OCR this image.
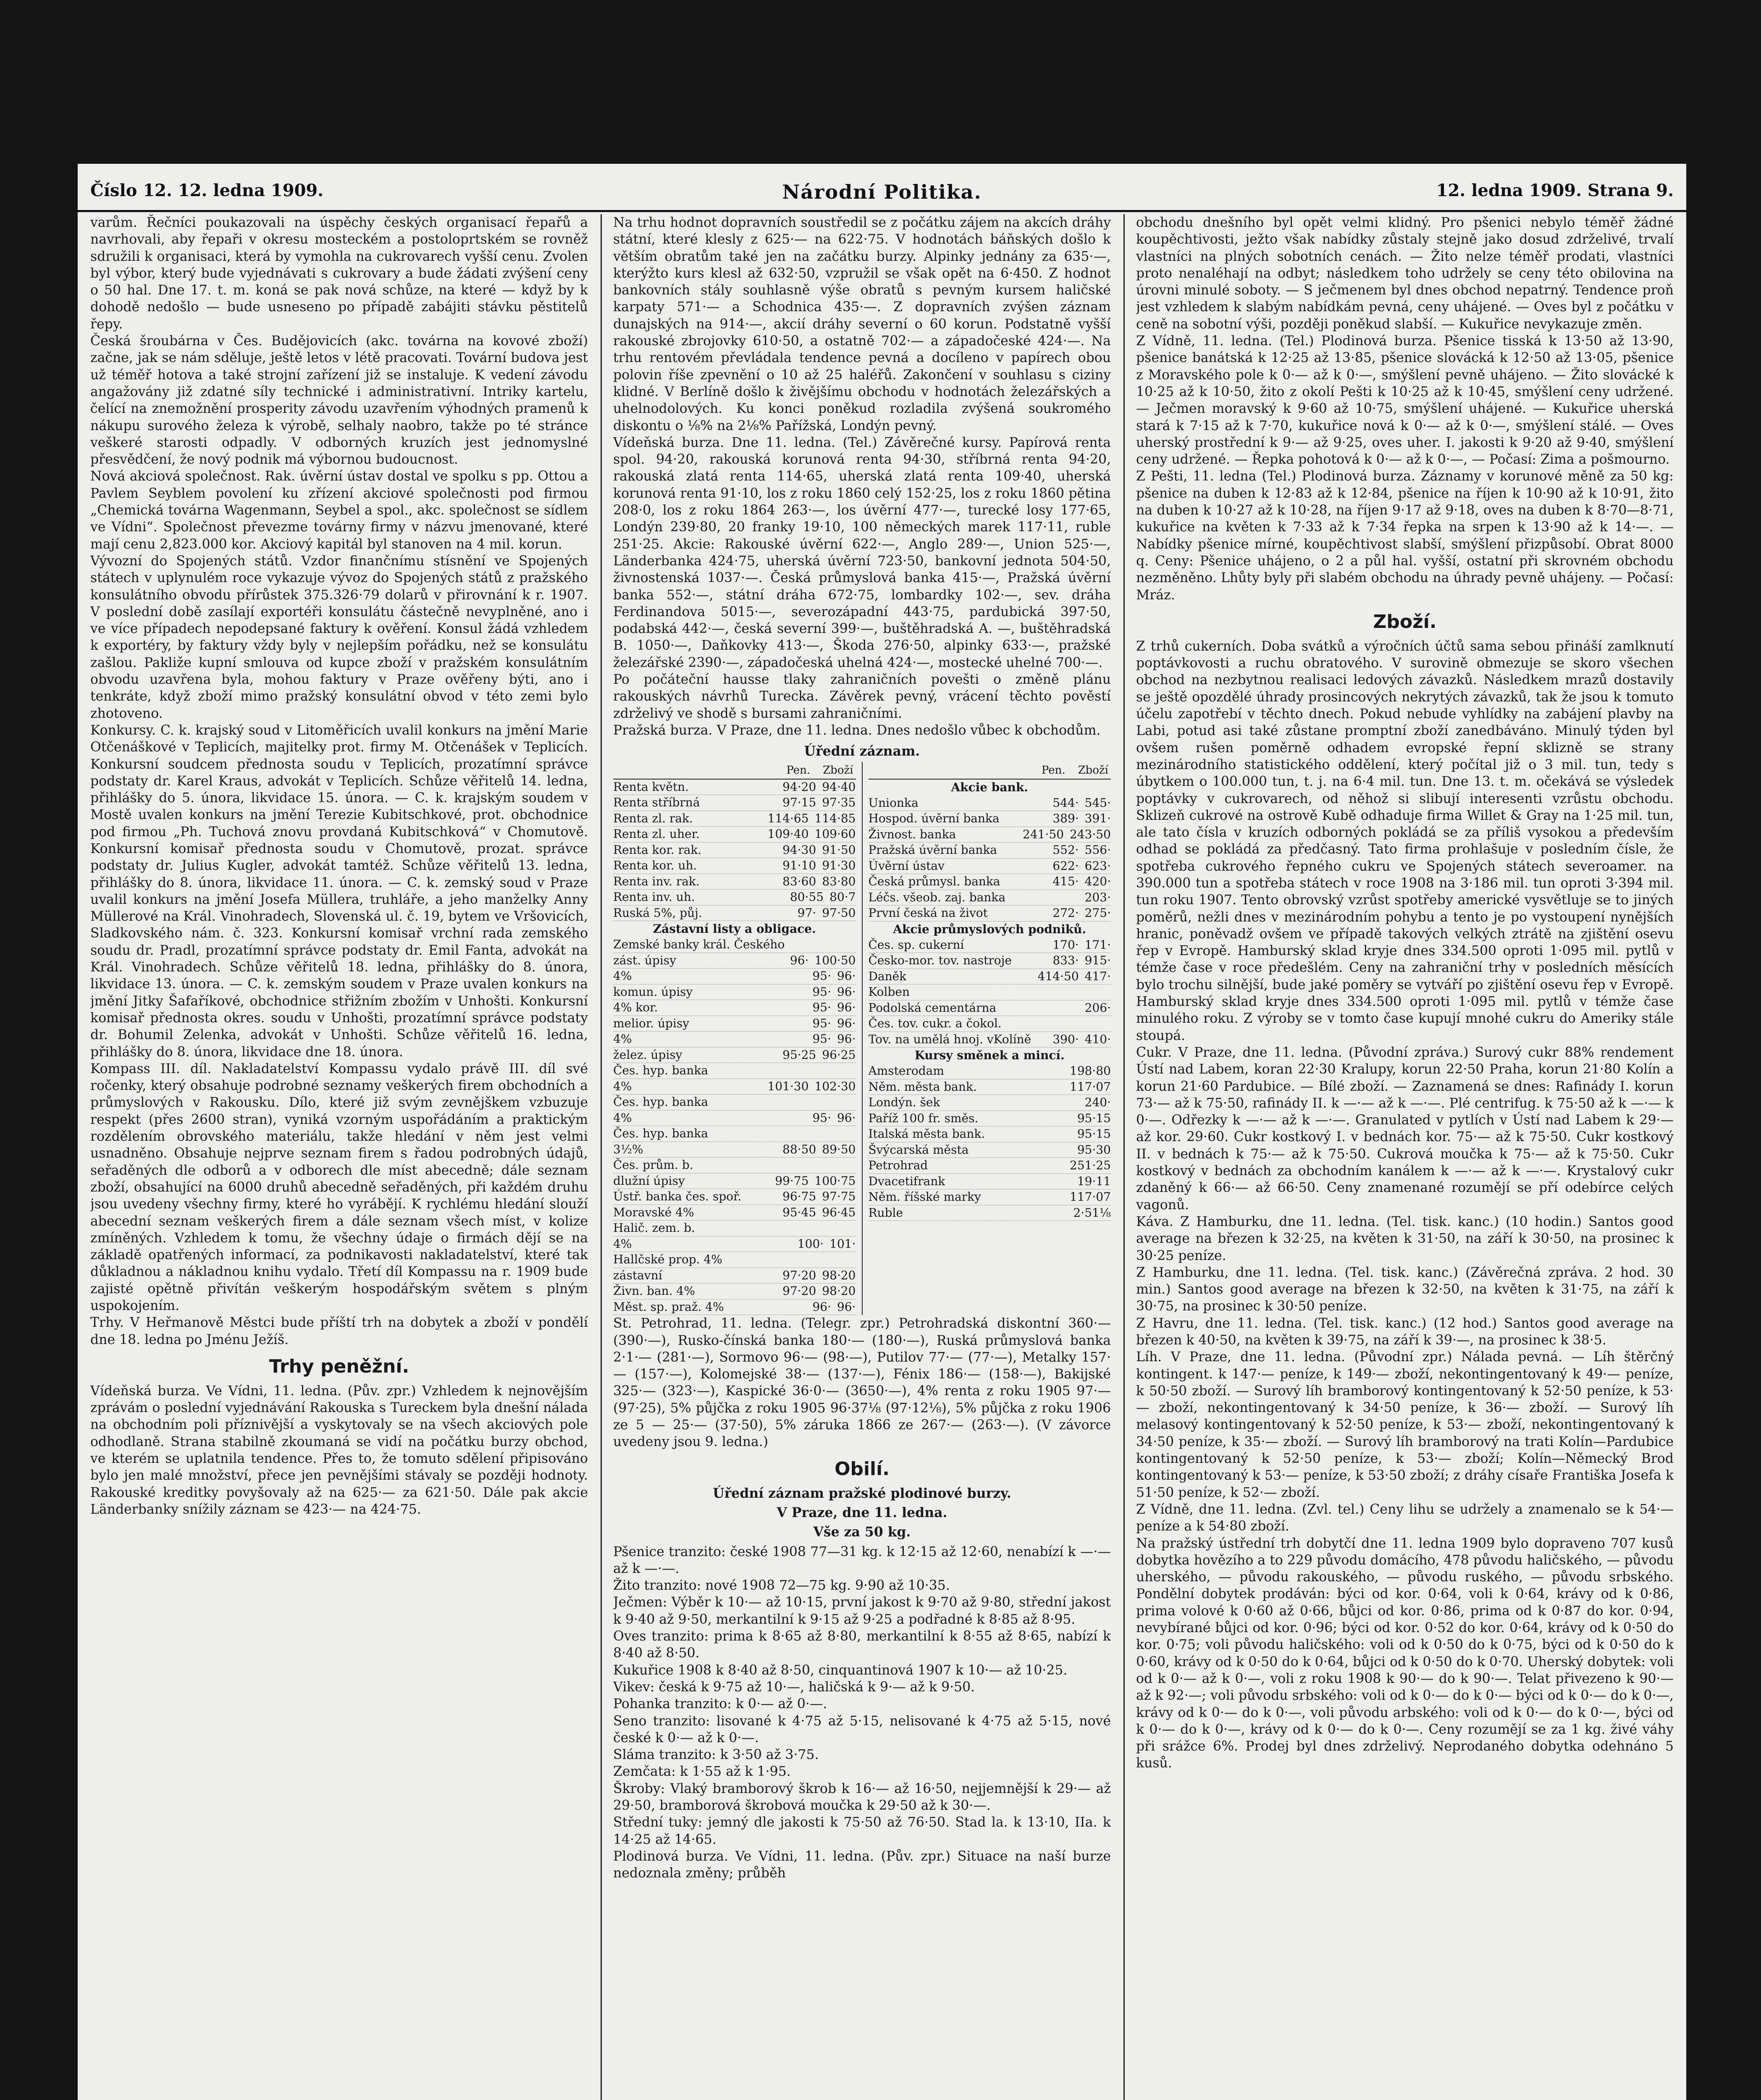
Číslo 12. 12. ledna 1909.	Národní Politika.	12. ledna 1909. Strana 9.

varům. Řečníci poukazovali na úspěchy českých organisací řepařů a navrhovali, aby řepaři v okresu mosteckém a postoloprtském se rovněž sdružili k organisaci, která by vymohla na cukrovarech vyšší cenu. Zvolen byl výbor, který bude vyjednávati s cukrovary a bude žádati zvýšení ceny o 50 hal. Dne 17. t. m. koná se pak nová schůze, na které — když by k dohodě nedošlo — bude usneseno po případě zabájiti stávku pěstitelů řepy.

Česká šroubárna v Čes. Budějovicích (akc. továrna na kovové zboží) začne, jak se nám sděluje, ještě letos v létě pracovati. Tovární budova jest už téměř hotova a také strojní zařízení již se instaluje. K vedení závodu angažovány již zdatné síly technické i administrativní. Intriky kartelu, čelící na znemožnění prosperity závodu uzavřením výhodných pramenů k nákupu surového železa k výrobě, selhaly naobro, takže po té stránce veškeré starosti odpadly. V odborných kruzích jest jednomyslné přesvědčení, že nový podnik má výbornou budoucnost.

Nová akciová společnost. Rak. úvěrní ústav dostal ve spolku s pp. Ottou a Pavlem Seyblem povolení ku zřízení akciové společnosti pod firmou „Chemická továrna Wagenmann, Seybel a spol., akc. společnost se sídlem ve Vídni“. Společnost převezme továrny firmy v názvu jmenované, které mají cenu 2,823.000 kor. Akciový kapitál byl stanoven na 4 mil. korun.

Vývozní do Spojených států. Vzdor finančnímu stísnění ve Spojených státech v uplynulém roce vykazuje vývoz do Spojených států z pražského konsulátního obvodu přírůstek 375.326·79 dolarů v přirovnání k r. 1907. V poslední době zasílají exportéři konsulátu částečně nevyplněné, ano i ve více případech nepodepsané faktury k ověření. Konsul žádá vzhledem k exportéry, by faktury vždy byly v nejlepším pořádku, než se konsulátu zašlou. Pakliže kupní smlouva od kupce zboží v pražském konsulátním obvodu uzavřena byla, mohou faktury v Praze ověřeny býti, ano i tenkráte, když zboží mimo pražský konsulátní obvod v této zemi bylo zhotoveno.

Konkursy. C. k. krajský soud v Litoměřicích uvalil konkurs na jmění Marie Otčenáškové v Teplicích, majitelky prot. firmy M. Otčenášek v Teplicích. Konkursní soudcem přednosta soudu v Teplicích, prozatímní správce podstaty dr. Karel Kraus, advokát v Teplicích. Schůze věřitelů 14. ledna, přihlášky do 5. února, likvidace 15. února. — C. k. krajským soudem v Mostě uvalen konkurs na jmění Terezie Kubitschkové, prot. obchodnice pod firmou „Ph. Tuchová znovu provdaná Kubitschková“ v Chomutově. Konkursní komisař přednosta soudu v Chomutově, prozat. správce podstaty dr. Julius Kugler, advokát tamtéž. Schůze věřitelů 13. ledna, přihlášky do 8. února, likvidace 11. února. — C. k. zemský soud v Praze uvalil konkurs na jmění Josefa Müllera, truhláře, a jeho manželky Anny Müllerové na Král. Vinohradech, Slovenská ul. č. 19, bytem ve Vršovicích, Sladkovského nám. č. 323. Konkursní komisař vrchní rada zemského soudu dr. Pradl, prozatímní správce podstaty dr. Emil Fanta, advokát na Král. Vinohradech. Schůze věřitelů 18. ledna, přihlášky do 8. února, likvidace 13. února. — C. k. zemským soudem v Praze uvalen konkurs na jmění Jitky Šafaříkové, obchodnice střižním zbožím v Unhošti. Konkursní komisař přednosta okres. soudu v Unhošti, prozatímní správce podstaty dr. Bohumil Zelenka, advokát v Unhošti. Schůze věřitelů 16. ledna, přihlášky do 8. února, likvidace dne 18. února.

Kompass III. díl. Nakladatelství Kompassu vydalo právě III. díl své ročenky, který obsahuje podrobné seznamy veškerých firem obchodních a průmyslových v Rakousku. Dílo, které již svým zevnějškem vzbuzuje respekt (přes 2600 stran), vyniká vzorným uspořádáním a praktickým rozdělením obrovského materiálu, takže hledání v něm jest velmi usnadněno. Obsahuje nejprve seznam firem s řadou podrobných údajů, seřaděných dle odborů a v odborech dle míst abecedně; dále seznam zboží, obsahující na 6000 druhů abecedně seřaděných, při každém druhu jsou uvedeny všechny firmy, které ho vyrábějí. K rychlému hledání slouží abecední seznam veškerých firem a dále seznam všech míst, v kolize zmíněných. Vzhledem k tomu, že všechny údaje o firmách dějí se na základě opatřených informací, za podnikavosti nakladatelství, které tak důkladnou a nákladnou knihu vydalo. Třetí díl Kompassu na r. 1909 bude zajisté opětně přivítán veškerým hospodářským světem s plným uspokojením.

Trhy. V Heřmanově Městci bude příští trh na dobytek a zboží v pondělí dne 18. ledna po Jménu Ježíš.

Trhy peněžní.

Vídeňská burza. Ve Vídni, 11. ledna. (Pův. zpr.) Vzhledem k nejnovějším zprávám o poslední vyjednávání Rakouska s Tureckem byla dnešní nálada na obchodním poli příznivější a vyskytovaly se na všech akciových pole odhodlaně. Strana stabilně zkoumaná se vidí na počátku burzy obchod, ve kterém se uplatnila tendence. Přes to, že tomuto sdělení připisováno bylo jen malé množství, přece jen pevnějšími stávaly se později hodnoty. Rakouské kreditky povyšovaly až na 625·— za 621·50. Dále pak akcie Länderbanky snížily záznam se 423·— na 424·75.

Na trhu hodnot dopravních soustředil se z počátku zájem na akcích dráhy státní, které klesly z 625·— na 622·75. V hodnotách báňských došlo k větším obratům také jen na začátku burzy. Alpinky jednány za 635·—, kterýžto kurs klesl až 632·50, vzpružil se však opět na 6·450. Z hodnot bankovních stály souhlasně výše obratů s pevným kursem haličské karpaty 571·— a Schodnica 435·—. Z dopravních zvýšen záznam dunajských na 914·—, akcií dráhy severní o 60 korun. Podstatně vyšší rakouské zbrojovky 610·50, a ostatně 702·— a západočeské 424·—. Na trhu rentovém převládala tendence pevná a docíleno v papírech obou polovin říše zpevnění o 10 až 25 haléřů. Zakončení v souhlasu s ciziny klidné. V Berlíně došlo k živějšímu obchodu v hodnotách železářských a uhelnodolových. Ku konci poněkud rozladila zvýšená soukromého diskontu o ⅛% na 2⅛% Pařížská, Londýn pevný.

Vídeňská burza. Dne 11. ledna. (Tel.) Závěrečné kursy. Papírová renta spol. 94·20, rakouská korunová renta 94·30, stříbrná renta 94·20, rakouská zlatá renta 114·65, uherská zlatá renta 109·40, uherská korunová renta 91·10, los z roku 1860 celý 152·25, los z roku 1860 pětina 208·0, los z roku 1864 263·—, los úvěrní 477·—, turecké losy 177·65, Londýn 239·80, 20 franky 19·10, 100 německých marek 117·11, ruble 251·25. Akcie: Rakouské úvěrní 622·—, Anglo 289·—, Union 525·—, Länderbanka 424·75, uherská úvěrní 723·50, bankovní jednota 504·50, živnostenská 1037·—. Česká průmyslová banka 415·—, Pražská úvěrní banka 552·—, státní dráha 672·75, lombardky 102·—, sev. dráha Ferdinandova 5015·—, severozápadní 443·75, pardubická 397·50, podabská 442·—, česká severní 399·—, buštěhradská A. —, buštěhradská B. 1050·—, Daňkovky 413·—, Škoda 276·50, alpinky 633·—, pražské železářské 2390·—, západočeská uhelná 424·—, mostecké uhelné 700·—.

Po počáteční hausse tlaky zahraničních povešti o změně plánu rakouských návrhů Turecka. Závěrek pevný, vrácení těchto pověstí zdrželivý ve shodě s bursami zahraničními.

Pražská burza. V Praze, dne 11. ledna. Dnes nedošlo vůbec k obchodům.

Úřední záznam.
Pen. Zboží
Renta květn.	94·20 94·40
Renta stříbrná	97·15 97·35
Renta zl. rak.	114·65 114·85
Renta zl. uher.	109·40 109·60
Renta kor. rak.	94·30 91·50
Renta kor. uh.	91·10 91·30
Renta inv. rak.	83·60 83·80
Renta inv. uh.	80·55 80·7
Ruská 5%, půj.	97· 97·50
Zástavní listy a obligace.
Zemské banky král. Českého
zást. úpisy	96· 100·50
4%	95· 96·
komun. úpisy	95· 96·
4% kor.	95· 96·
melior. úpisy	95· 96·
4%	95· 96·
želez. úpisy	95·25 96·25
Čes. hyp. banka
4%	101·30 102·30
Čes. hyp. banka
4%	95· 96·
Čes. hyp. banka
3½%	88·50 89·50
Čes. prům. b.
dlužní úpisy	99·75 100·75
Ústř. banka čes. spoř.	96·75 97·75
Moravské 4%	95·45 96·45
Halič. zem. b.
4%	100· 101·
Hallčské prop. 4%
zástavní	97·20 98·20
Živn. ban. 4%	97·20 98·20
Měst. sp. praž. 4%	96· 96·
Pen. Zboží
Akcie bank.
Unionka	544· 545·
Hospod. úvěrní banka	389· 391·
Živnost. banka	241·50 243·50
Pražská úvěrní banka	552· 556·
Úvěrní ústav	622· 623·
Česká průmysl. banka	415· 420·
Léčs. všeob. zaj. banka	203·
První česká na život	272· 275·
Akcie průmyslových podniků.
Čes. sp. cukerní	170· 171·
Česko-mor. tov. nastroje	833· 915·
Daněk	414·50 417·
Kolben
Podolská cementárna	206·
Čes. tov. cukr. a čokol.
Tov. na umělá hnoj. vKolíně 390· 410·
Kursy směnek a mincí.
Amsterodam	198·80
Něm. města bank.	117·07
Londýn. šek	240·
Paříž 100 fr. směs.	95·15
Italská města bank.	95·15
Švýcarská města	95·30
Petrohrad	251·25
Dvacetifrank	19·11
Něm. říšské marky	117·07
Ruble	2·51⅛

St. Petrohrad, 11. ledna. (Telegr. zpr.) Petrohradská diskontní 360·— (390·—), Rusko-čínská banka 180·— (180·—), Ruská průmyslová banka 2·1·— (281·—), Sormovo 96·— (98·—), Putilov 77·— (77·—), Metalky 157·— (157·—), Kolomejské 38·— (137·—), Fénix 186·— (158·—), Bakijské 325·— (323·—), Kaspické 36·0·— (3650·—), 4% renta z roku 1905 97·— (97·25), 5% půjčka z roku 1905 96·37⅛ (97·12⅛), 5% půjčka z roku 1906 ze 5 — 25·— (37·50), 5% záruka 1866 ze 267·— (263·—). (V závorce uvedeny jsou 9. ledna.)

Obilí.
Úřední záznam pražské plodinové burzy.
V Praze, dne 11. ledna.
Vše za 50 kg.

Pšenice tranzito: české 1908 77—31 kg. k 12·15 až 12·60, nenabízí k —·— až k —·—.

Žito tranzito: nové 1908 72—75 kg. 9·90 až 10·35.

Ječmen: Výběr k 10·— až 10·15, první jakost k 9·70 až 9·80, střední jakost k 9·40 až 9·50, merkantilní k 9·15 až 9·25 a podřadné k 8·85 až 8·95.

Oves tranzito: prima k 8·65 až 8·80, merkantilní k 8·55 až 8·65, nabízí k 8·40 až 8·50.

Kukuřice 1908 k 8·40 až 8·50, cinquantinová 1907 k 10·— až 10·25.

Vikev: česká k 9·75 až 10·—, haličská k 9·— až k 9·50.

Pohanka tranzito: k 0·— až 0·—.

Seno tranzito: lisované k 4·75 až 5·15, nelisované k 4·75 až 5·15, nové české k 0·— až k 0·—.

Sláma tranzito: k 3·50 až 3·75.

Zemčata: k 1·55 až k 1·95.

Škroby: Vlaký bramborový škrob k 16·— až 16·50, nejjemnější k 29·— až 29·50, bramborová škrobová moučka k 29·50 až k 30·—.

Střední tuky: jemný dle jakosti k 75·50 až 76·50. Stad la. k 13·10, IIa. k 14·25 až 14·65.

Plodinová burza. Ve Vídni, 11. ledna. (Pův. zpr.) Situace na naší burze nedoznala změny; průběh

obchodu dnešního byl opět velmi klidný. Pro pšenici nebylo téměř žádné koupěchtivosti, ježto však nabídky zůstaly stejně jako dosud zdrželivé, trvalí vlastníci na plných sobotních cenách. — Žito nelze téměř prodati, vlastníci proto nenaléhají na odbyt; následkem toho udržely se ceny této obilovina na úrovni minulé soboty. — S ječmenem byl dnes obchod nepatrný. Tendence proň jest vzhledem k slabým nabídkám pevná, ceny uhájené. — Oves byl z počátku v ceně na sobotní výši, později poněkud slabší. — Kukuřice nevykazuje změn.

Z Vídně, 11. ledna. (Tel.) Plodinová burza. Pšenice tisská k 13·50 až 13·90, pšenice banátská k 12·25 až 13·85, pšenice slovácká k 12·50 až 13·05, pšenice z Moravského pole k 0·— až k 0·—, smýšlení pevně uhájeno. — Žito slovácké k 10·25 až k 10·50, žito z okolí Pešti k 10·25 až k 10·45, smýšlení ceny udržené. — Ječmen moravský k 9·60 až 10·75, smýšlení uhájené. — Kukuřice uherská stará k 7·15 až k 7·70, kukuřice nová k 0·— až k 0·—, smýšlení stálé. — Oves uherský prostřední k 9·— až 9·25, oves uher. I. jakosti k 9·20 až 9·40, smýšlení ceny udržené. — Řepka pohotová k 0·— až k 0·—, — Počasí: Zima a pošmourno.

Z Pešti, 11. ledna (Tel.) Plodinová burza. Záznamy v korunové měně za 50 kg: pšenice na duben k 12·83 až k 12·84, pšenice na říjen k 10·90 až k 10·91, žito na duben k 10·27 až k 10·28, na říjen 9·17 až 9·18, oves na duben k 8·70—8·71, kukuřice na květen k 7·33 až k 7·34 řepka na srpen k 13·90 až k 14·—. — Nabídky pšenice mírné, koupěchtivost slabší, smýšlení přizpůsobí. Obrat 8000 q. Ceny: Pšenice uhájeno, o 2 a půl hal. vyšší, ostatní při skrovném obchodu nezměněno. Lhůty byly při slabém obchodu na úhrady pevně uhájeny. — Počasí: Mráz.

Zboží.

Z trhů cukerních. Doba svátků a výročních účtů sama sebou přináší zamlknutí poptávkovosti a ruchu obratového. V surovině obmezuje se skoro všechen obchod na nezbytnou realisaci ledových závazků. Následkem mrazů dostavily se ještě opozdělé úhrady prosincových nekrytých závazků, tak že jsou k tomuto účelu zapotřebí v těchto dnech. Pokud nebude vyhlídky na zabájení plavby na Labi, potud asi také zůstane promptní zboží zanedbáváno. Minulý týden byl ovšem rušen poměrně odhadem evropské řepní sklizně se strany mezinárodního statistického oddělení, který počítal již o 3 mil. tun, tedy s úbytkem o 100.000 tun, t. j. na 6·4 mil. tun. Dne 13. t. m. očekává se výsledek poptávky v cukrovarech, od něhož si slibují interesenti vzrůstu obchodu. Sklizeň cukrové na ostrově Kubě odhaduje firma Willet & Gray na 1·25 mil. tun, ale tato čísla v kruzích odborných pokládá se za příliš vysokou a především odhad se pokládá za předčasný. Tato firma prohlašuje v posledním čísle, že spotřeba cukrového řepného cukru ve Spojených státech severoamer. na 390.000 tun a spotřeba státech v roce 1908 na 3·186 mil. tun oproti 3·394 mil. tun roku 1907. Tento obrovský vzrůst spotřeby americké vysvětluje se to jiných poměrů, nežli dnes v mezinárodním pohybu a tento je po vystoupení nynějších hranic, poněvadž ovšem ve případě takových velkých ztrátě na zjištění osevu řep v Evropě. Hamburský sklad kryje dnes 334.500 oproti 1·095 mil. pytlů v témže čase v roce předešlém. Ceny na zahraniční trhy v posledních měsících bylo trochu silnější, bude jaké poměry se vytváří po zjištění osevu řep v Evropě. Hamburský sklad kryje dnes 334.500 oproti 1·095 mil. pytlů v témže čase minulého roku. Z výroby se v tomto čase kupují mnohé cukru do Ameriky stále stoupá.

Cukr. V Praze, dne 11. ledna. (Původní zpráva.) Surový cukr 88% rendement Ústí nad Labem, koran 22·30 Kralupy, korun 22·50 Praha, korun 21·80 Kolín a korun 21·60 Pardubice. — Bílé zboží. — Zaznamená se dnes: Rafinády I. korun 73·— až k 75·50, rafinády II. k —·— až k —·—. Plé centrifug. k 75·50 až k —·— k 0·—. Odřezky k —·— až k —·—. Granulated v pytlích v Ústí nad Labem k 29·— až kor. 29·60. Cukr kostkový I. v bednách kor. 75·— až k 75·50. Cukr kostkový II. v bednách k 75·— až k 75·50. Cukrová moučka k 75·— až k 75·50. Cukr kostkový v bednách za obchodním kanálem k —·— až k —·—. Krystalový cukr zdaněný k 66·— až 66·50. Ceny znamenané rozumějí se pří odebírce celých vagonů.

Káva. Z Hamburku, dne 11. ledna. (Tel. tisk. kanc.) (10 hodin.) Santos good average na březen k 32·25, na květen k 31·50, na září k 30·50, na prosinec k 30·25 peníze.

Z Hamburku, dne 11. ledna. (Tel. tisk. kanc.) (Závěrečná zpráva. 2 hod. 30 min.) Santos good average na březen k 32·50, na květen k 31·75, na září k 30·75, na prosinec k 30·50 peníze.

Z Havru, dne 11. ledna. (Tel. tisk. kanc.) (12 hod.) Santos good average na březen k 40·50, na květen k 39·75, na září k 39·—, na prosinec k 38·5.

Líh. V Praze, dne 11. ledna. (Původní zpr.) Nálada pevná. — Líh štěrčný kontingent. k 147·— peníze, k 149·— zboží, nekontingentovaný k 49·— peníze, k 50·50 zboží. — Surový líh bramborový kontingentovaný k 52·50 peníze, k 53·— zboží, nekontingentovaný k 34·50 peníze, k 36·— zboží. — Surový líh melasový kontingentovaný k 52·50 peníze, k 53·— zboží, nekontingentovaný k 34·50 peníze, k 35·— zboží. — Surový líh bramborový na trati Kolín—Pardubice kontingentovaný k 52·50 peníze, k 53·— zboží; Kolín—Německý Brod kontingentovaný k 53·— peníze, k 53·50 zboží; z dráhy císaře Františka Josefa k 51·50 peníze, k 52·— zboží.

Z Vídně, dne 11. ledna. (Zvl. tel.) Ceny lihu se udržely a znamenalo se k 54·— peníze a k 54·80 zboží.

Na pražský ústřední trh dobytčí dne 11. ledna 1909 bylo dopraveno 707 kusů dobytka hovězího a to 229 původu domácího, 478 původu haličského, — původu uherského, — původu rakouského, — původu ruského, — původu srbského. Pondělní dobytek prodáván: býci od kor. 0·64, voli k 0·64, krávy od k 0·86, prima volové k 0·60 až 0·66, bůjci od kor. 0·86, prima od k 0·87 do kor. 0·94, nevybírané bůjci od kor. 0·96; býci od kor. 0·52 do kor. 0·64, krávy od k 0·50 do kor. 0·75; voli původu haličského: voli od k 0·50 do k 0·75, býci od k 0·50 do k 0·60, krávy od k 0·50 do k 0·64, bůjci od k 0·50 do k 0·70. Uherský dobytek: voli od k 0·— až k 0·—, voli z roku 1908 k 90·— do k 90·—. Telat přivezeno k 90·— až k 92·—; voli původu srbského: voli od k 0·— do k 0·— býci od k 0·— do k 0·—, krávy od k 0·— do k 0·—, voli původu arbského: voli od k 0·— do k 0·—, býci od k 0·— do k 0·—, krávy od k 0·— do k 0·—. Ceny rozumějí se za 1 kg. živé váhy při srážce 6%. Prodej byl dnes zdrželivý. Neprodaného dobytka odehnáno 5 kusů.
